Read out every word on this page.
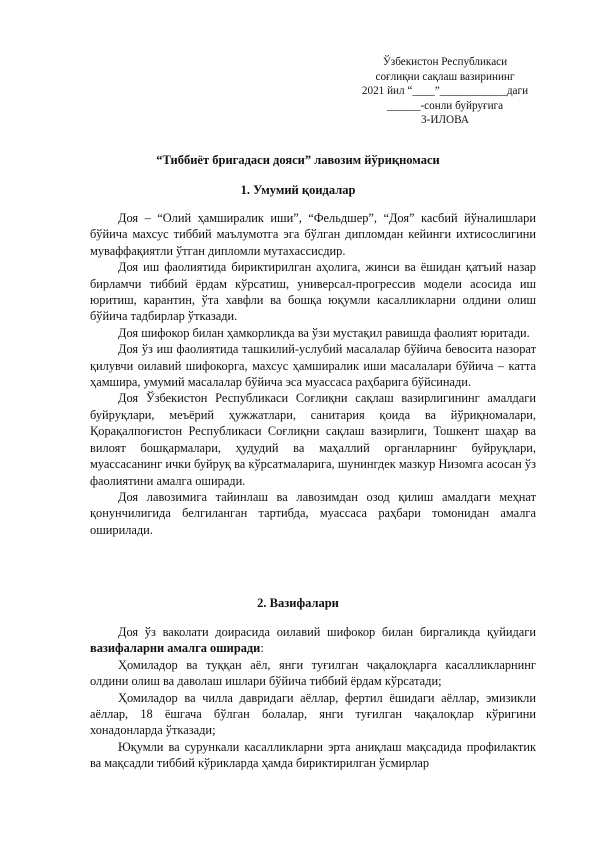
Ўзбекистон Республикаси
соғлиқни сақлаш вазирининг
2021 йил “____”____________даги
______-сонли буйруғига
3-ИЛОВА
“Тиббиёт бригадаси дояси” лавозим йўриқномаси
1. Умумий қоидалар

Доя – “Олий ҳамширалик иши”, “Фельдшер”, “Доя” касбий йўналишлари бўйича махсус тиббий маълумотга эга бўлган дипломдан кейинги ихтисослигини муваффақиятли ўтган дипломли мутахассисдир.

Доя иш фаолиятида бириктирилган аҳолига, жинси ва ёшидан қатъий назар бирламчи тиббий ёрдам кўрсатиш, универсал-прогрессив модели асосида иш юритиш, карантин, ўта хавфли ва бошқа юқумли касалликларни олдини олиш бўйича тадбирлар ўтказади.

Доя шифокор билан ҳамкорликда ва ўзи мустақил равишда фаолият юритади.

Доя ўз иш фаолиятида ташкилий-услубий масалалар бўйича бевосита назорат қилувчи оилавий шифокорга, махсус ҳамширалик иши масалалари бўйича – катта ҳамшира, умумий масалалар бўйича эса муассаса раҳбарига бўйсинади.

Доя Ўзбекистон Республикаси Соғлиқни сақлаш вазирлигининг амалдаги буйруқлари, меъёрий ҳужжатлари, санитария қоида ва йўриқномалари, Қорақалпоғистон Республикаси Соғлиқни сақлаш вазирлиги, Тошкент шаҳар ва вилоят бошқармалари, ҳудудий ва маҳаллий органларнинг буйруқлари, муассасанинг ички буйруқ ва кўрсатмаларига, шунингдек мазкур Низомга асосан ўз фаолиятини амалга оширади.

Доя лавозимига тайинлаш ва лавозимдан озод қилиш амалдаги меҳнат қонунчилигида белгиланган тартибда, муассаса раҳбари томонидан амалга оширилади.

2. Вазифалари

Доя ўз ваколати доирасида оилавий шифокор билан биргаликда қуйидаги вазифаларни амалга оширади:

Ҳомиладор ва туққан аёл, янги туғилган чақалоқларга касалликларнинг олдини олиш ва даволаш ишлари бўйича тиббий ёрдам кўрсатади;

Ҳомиладор ва чилла давридаги аёллар, фертил ёшидаги аёллар, эмизикли аёллар, 18 ёшгача бўлган болалар, янги туғилган чақалоқлар кўригини хонадонларда ўтказади;

Юқумли ва сурункали касалликларни эрта аниқлаш мақсадида профилактик ва мақсадли тиббий кўрикларда ҳамда бириктирилган ўсмирлар
